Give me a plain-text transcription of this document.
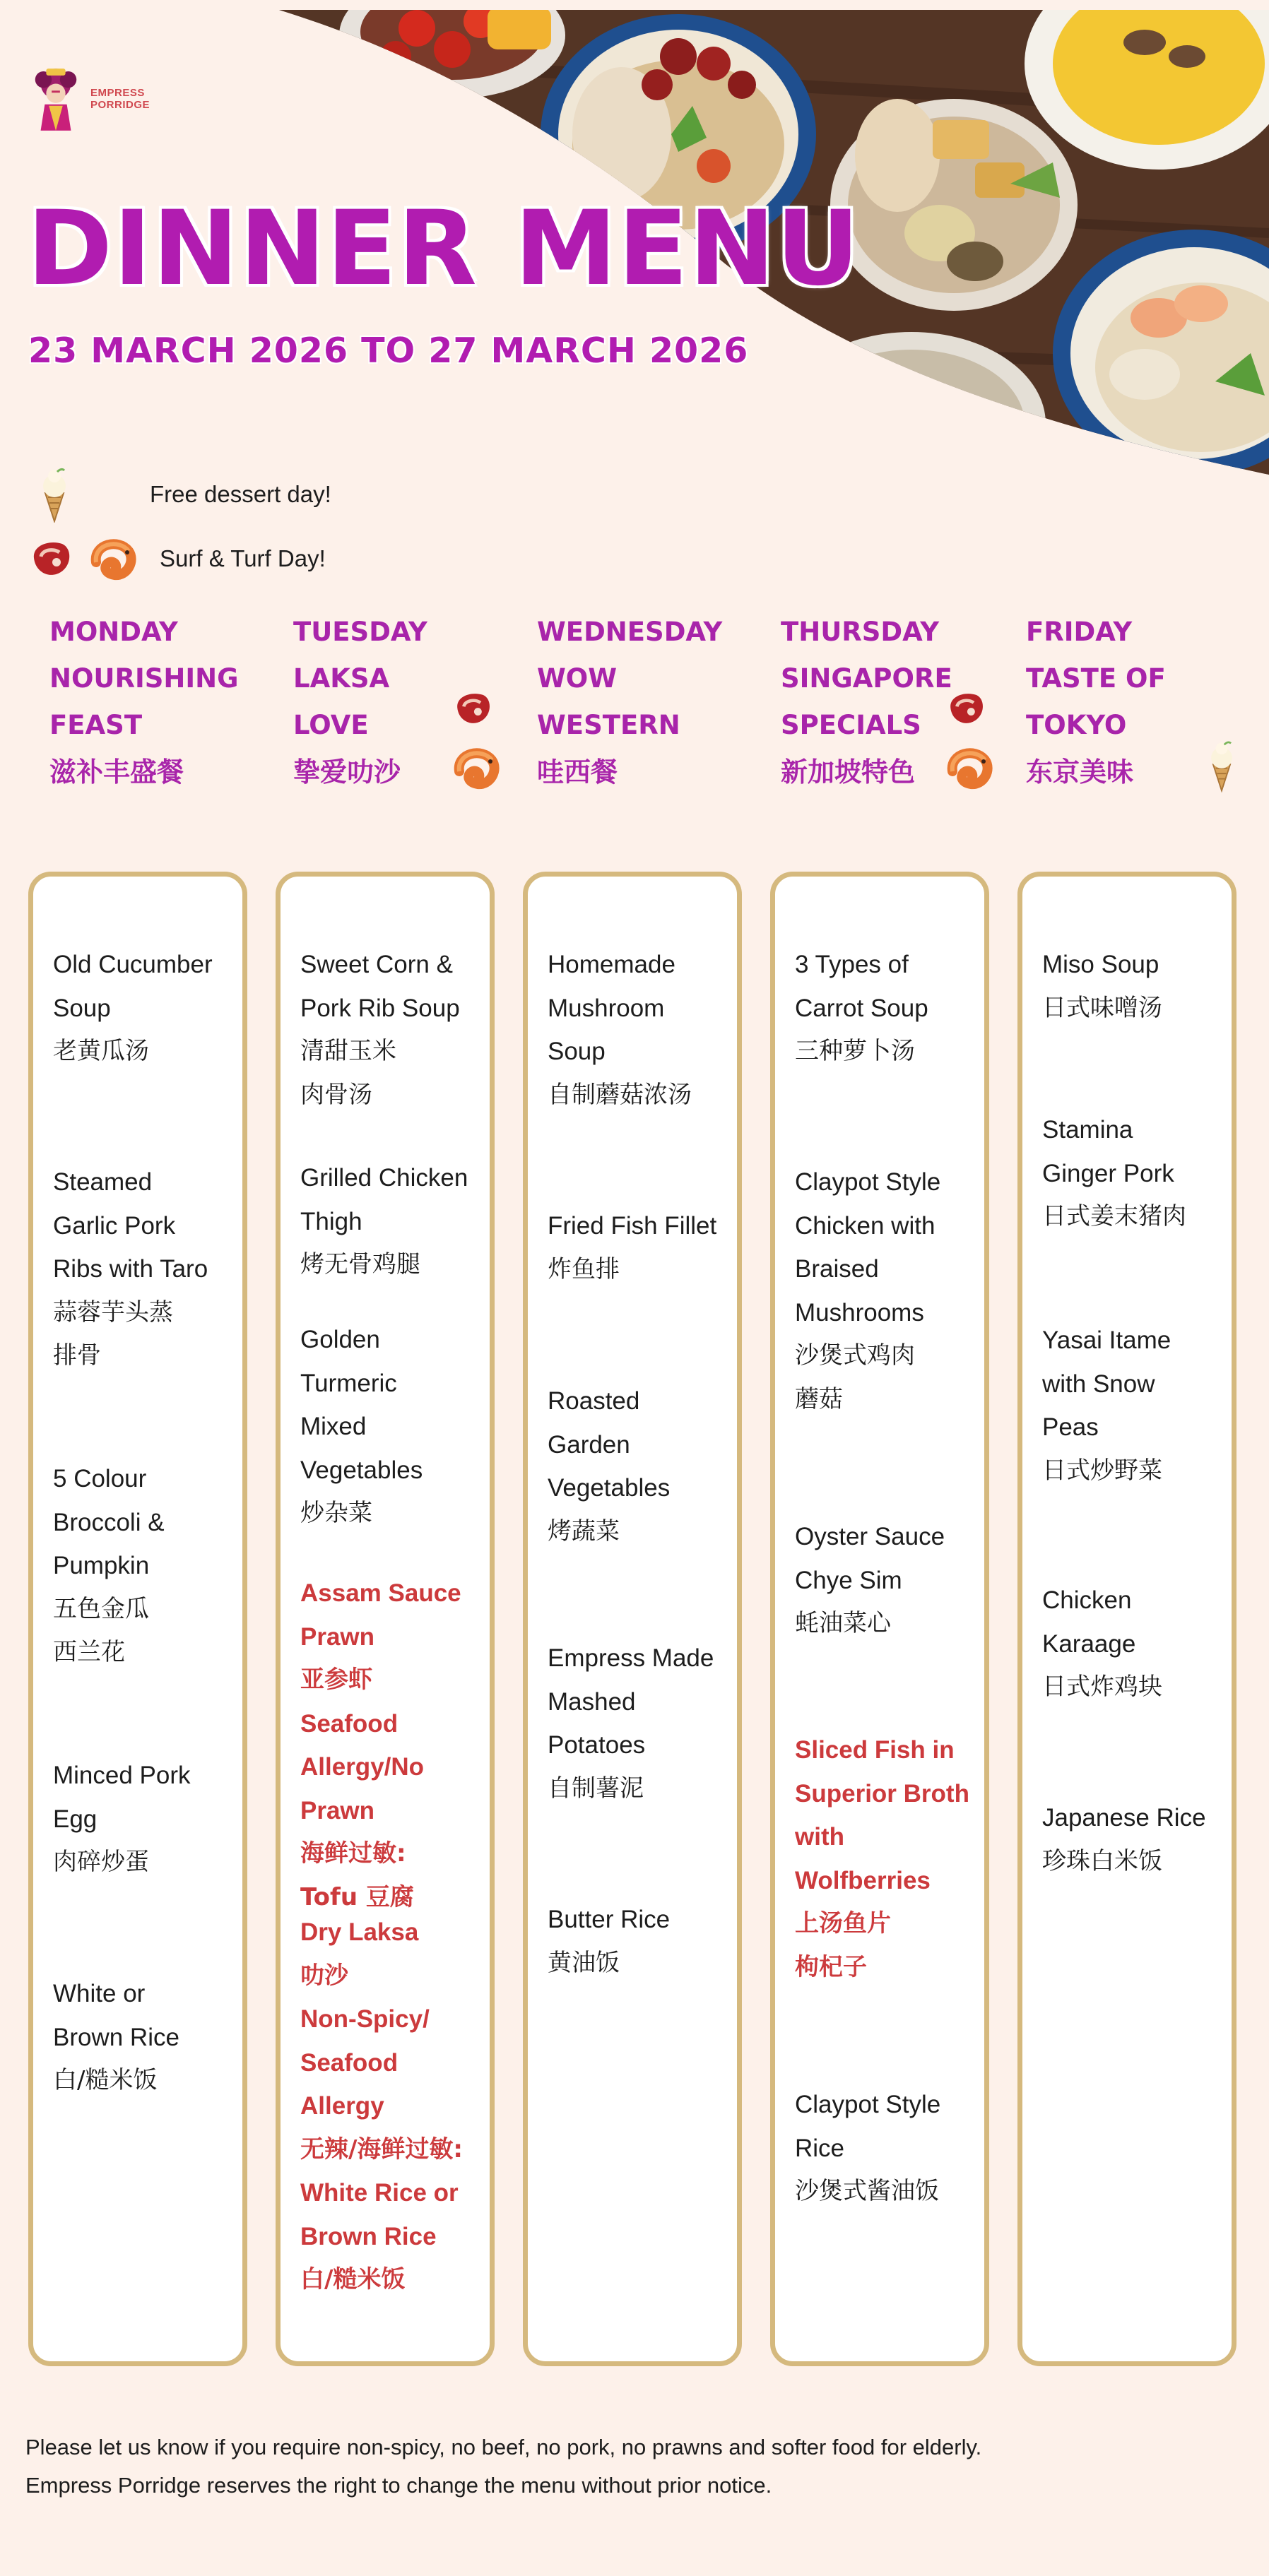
EMPRESS
PORRIDGE
DINNER MENU
23 MARCH 2026 TO 27 MARCH 2026
Free dessert day!
Surf & Turf Day!
MONDAY
NOURISHING
FEAST
滋补丰盛餐
TUESDAY
LAKSA
LOVE
挚爱叻沙
WEDNESDAY
WOW
WESTERN
哇西餐
THURSDAY
SINGAPORE
SPECIALS
新加坡特色
FRIDAY
TASTE OF
TOKYO
东京美味
Old Cucumber
Soup
老黄瓜汤
Steamed
Garlic Pork
Ribs with Taro
蒜蓉芋头蒸
排骨
5 Colour
Broccoli &
Pumpkin
五色金瓜
西兰花
Minced Pork
Egg
肉碎炒蛋
White or
Brown Rice
白/糙米饭
Sweet Corn &
Pork Rib Soup
清甜玉米
肉骨汤
Grilled Chicken
Thigh
烤无骨鸡腿
Golden
Turmeric
Mixed
Vegetables
炒杂菜
Assam Sauce
Prawn
亚参虾
Seafood
Allergy/No
Prawn
海鲜过敏:
Tofu 豆腐
Dry Laksa
叻沙
Non-Spicy/
Seafood
Allergy
无辣/海鲜过敏:
White Rice or
Brown Rice
白/糙米饭
Homemade
Mushroom
Soup
自制蘑菇浓汤
Fried Fish Fillet
炸鱼排
Roasted
Garden
Vegetables
烤蔬菜
Empress Made
Mashed
Potatoes
自制薯泥
Butter Rice
黄油饭
3 Types of
Carrot Soup
三种萝卜汤
Claypot Style
Chicken with
Braised
Mushrooms
沙煲式鸡肉
蘑菇
Oyster Sauce
Chye Sim
蚝油菜心
Sliced Fish in
Superior Broth
with
Wolfberries
上汤鱼片
枸杞子
Claypot Style
Rice
沙煲式酱油饭
Miso Soup
日式味噌汤
Stamina
Ginger Pork
日式姜末猪肉
Yasai Itame
with Snow
Peas
日式炒野菜
Chicken
Karaage
日式炸鸡块
Japanese Rice
珍珠白米饭
Please let us know if you require non-spicy, no beef, no pork, no prawns and softer food for elderly.
Empress Porridge reserves the right to change the menu without prior notice.
